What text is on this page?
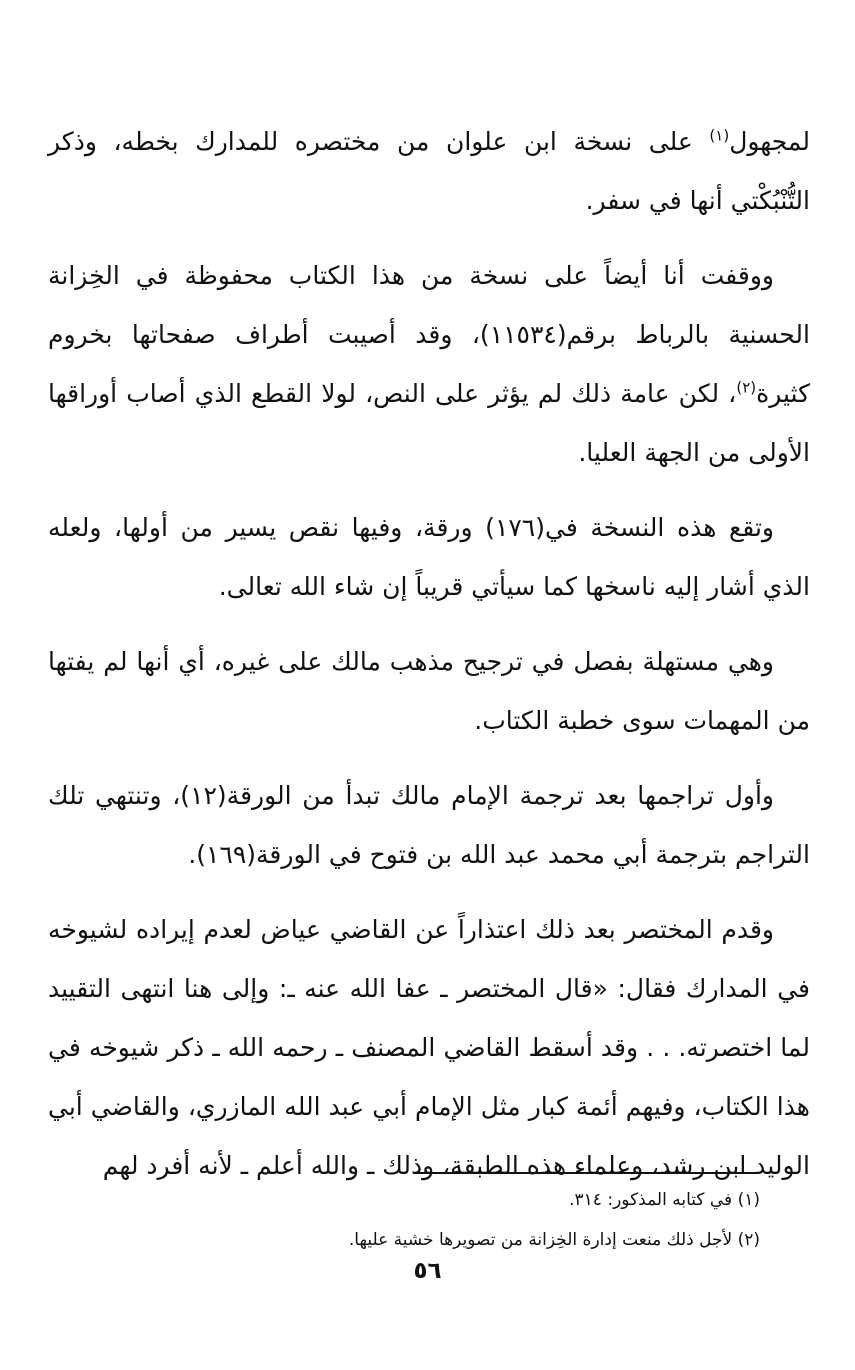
لمجهول$^{(١)}$ على نسخة ابن علوان من مختصره للمدارك بخطه، وذكر التُّنْبُكْتي أنها في سفر.

ووقفت أنا أيضاً على نسخة من هذا الكتاب محفوظة في الخِزانة الحسنية بالرباط برقم(١١٥٣٤)، وقد أصيبت أطراف صفحاتها بخروم كثيرة$^{(٢)}$، لكن عامة ذلك لم يؤثر على النص، لولا القطع الذي أصاب أوراقها الأولى من الجهة العليا.

وتقع هذه النسخة في(١٧٦) ورقة، وفيها نقص يسير من أولها، ولعله الذي أشار إليه ناسخها كما سيأتي قريباً إن شاء الله تعالى.

وهي مستهلة بفصل في ترجيح مذهب مالك على غيره، أي أنها لم يفتها من المهمات سوى خطبة الكتاب.

وأول تراجمها بعد ترجمة الإمام مالك تبدأ من الورقة(١٢)، وتنتهي تلك التراجم بترجمة أبي محمد عبد الله بن فتوح في الورقة(١٦٩).

وقدم المختصر بعد ذلك اعتذاراً عن القاضي عياض لعدم إيراده لشيوخه في المدارك فقال: «قال المختصر ـ عفا الله عنه ـ: وإلى هنا انتهى التقييد لما اختصرته. . . وقد أسقط القاضي المصنف ـ رحمه الله ـ ذكر شيوخه في هذا الكتاب، وفيهم أئمة كبار مثل الإمام أبي عبد الله المازري، والقاضي أبي الوليد ابن رشد، وعلماء هذه الطبقة، وذلك ـ والله أعلم ـ لأنه أفرد لهم

(١) في كتابه المذكور: ٣١٤.

(٢) لأجل ذلك منعت إدارة الخِزانة من تصويرها خشية عليها.

٥٦
